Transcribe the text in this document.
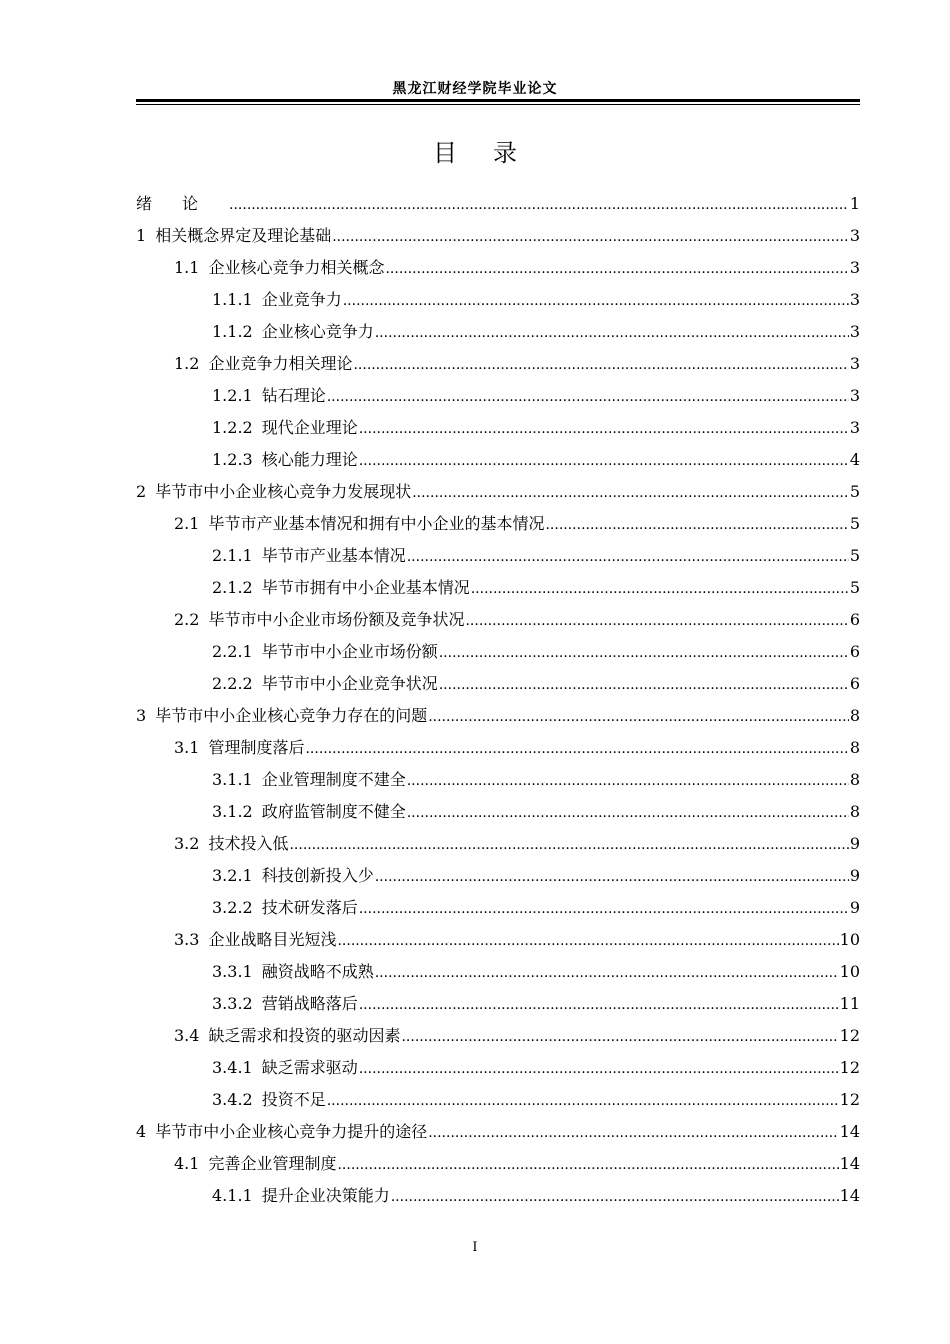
黑龙江财经学院毕业论文
目录
绪论 .....	1
1 相关概念界定及理论基础 .....	3
1.1 企业核心竞争力相关概念 .....	3
1.1.1 企业竞争力 .....	3
1.1.2 企业核心竞争力 .....	3
1.2 企业竞争力相关理论 .....	3
1.2.1 钻石理论 .....	3
1.2.2 现代企业理论 .....	3
1.2.3 核心能力理论 .....	4
2 毕节市中小企业核心竞争力发展现状 .....	5
2.1 毕节市产业基本情况和拥有中小企业的基本情况 .....	5
2.1.1 毕节市产业基本情况 .....	5
2.1.2 毕节市拥有中小企业基本情况 .....	5
2.2 毕节市中小企业市场份额及竞争状况 .....	6
2.2.1 毕节市中小企业市场份额 .....	6
2.2.2 毕节市中小企业竞争状况 .....	6
3 毕节市中小企业核心竞争力存在的问题 .....	8
3.1 管理制度落后 .....	8
3.1.1 企业管理制度不建全 .....	8
3.1.2 政府监管制度不健全 .....	8
3.2 技术投入低 .....	9
3.2.1 科技创新投入少 .....	9
3.2.2 技术研发落后 .....	9
3.3 企业战略目光短浅 .....	10
3.3.1 融资战略不成熟 .....	10
3.3.2 营销战略落后 .....	11
3.4 缺乏需求和投资的驱动因素 .....	12
3.4.1 缺乏需求驱动 .....	12
3.4.2 投资不足 .....	12
4 毕节市中小企业核心竞争力提升的途径 .....	14
4.1 完善企业管理制度 .....	14
4.1.1 提升企业决策能力 .....	14
I
